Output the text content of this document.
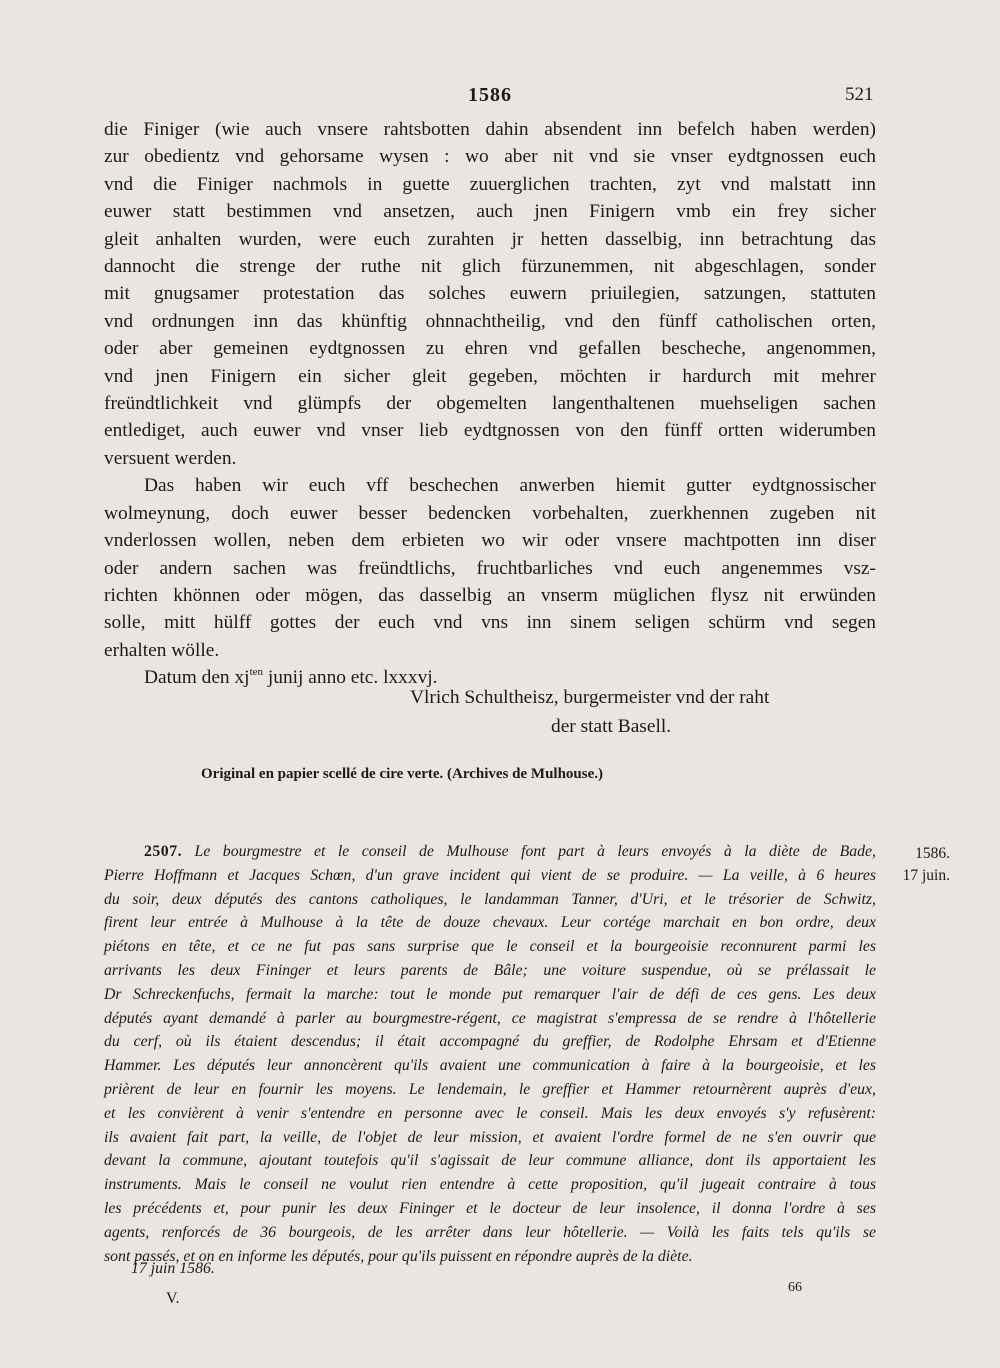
1586	521
die Finiger (wie auch vnsere rahtsbotten dahin absendent inn befelch haben werden)
zur obedientz vnd gehorsame wysen : wo aber nit vnd sie vnser eydtgnossen euch
vnd die Finiger nachmols in guette zuuerglichen trachten, zyt vnd malstatt inn
euwer statt bestimmen vnd ansetzen, auch jnen Finigern vmb ein frey sicher
gleit anhalten wurden, were euch zurahten jr hetten dasselbig, inn betrachtung das
dannocht die strenge der ruthe nit glich fürzunemmen, nit abgeschlagen, sonder
mit gnugsamer protestation das solches euwern priuilegien, satzungen, stattuten
vnd ordnungen inn das khünftig ohnnachtheilig, vnd den fünff catholischen orten,
oder aber gemeinen eydtgnossen zu ehren vnd gefallen bescheche, angenommen,
vnd jnen Finigern ein sicher gleit gegeben, möchten ir hardurch mit mehrer
freündtlichkeit vnd glümpfs der obgemelten langenthaltenen muehseligen sachen
entlediget, auch euwer vnd vnser lieb eydtgnossen von den fünff ortten widerumben
versuent werden.
Das haben wir euch vff beschechen anwerben hiemit gutter eydtgnossischer
wolmeynung, doch euwer besser bedencken vorbehalten, zuerkhennen zugeben nit
vnderlossen wollen, neben dem erbieten wo wir oder vnsere machtpotten inn diser
oder andern sachen was freündtlichs, fruchtbarliches vnd euch angenemmes vsz-
richten khönnen oder mögen, das dasselbig an vnserm müglichen flysz nit erwünden
solle, mitt hülff gottes der euch vnd vns inn sinem seligen schürm vnd segen
erhalten wölle.
Datum den $xj^{ten}$ junij anno etc. lxxxvj.
Vlrich Schultheisz, burgermeister vnd der raht
der statt Basell.
Original en papier scellé de cire verte. (Archives de Mulhouse.)
1586.
17 juin.
2507. Le bourgmestre et le conseil de Mulhouse font part à leurs envoyés à la diète de Bade,
Pierre Hoffmann et Jacques Schœn, d'un grave incident qui vient de se produire. — La veille, à 6 heures
du soir, deux députés des cantons catholiques, le landamman Tanner, d'Uri, et le trésorier de Schwitz,
firent leur entrée à Mulhouse à la tête de douze chevaux. Leur cortége marchait en bon ordre, deux
piétons en tête, et ce ne fut pas sans surprise que le conseil et la bourgeoisie reconnurent parmi les
arrivants les deux Fininger et leurs parents de Bâle; une voiture suspendue, où se prélassait le
Dr Schreckenfuchs, fermait la marche: tout le monde put remarquer l'air de défi de ces gens. Les deux
députés ayant demandé à parler au bourgmestre-régent, ce magistrat s'empressa de se rendre à l'hôtellerie
du cerf, où ils étaient descendus; il était accompagné du greffier, de Rodolphe Ehrsam et d'Etienne
Hammer. Les députés leur annoncèrent qu'ils avaient une communication à faire à la bourgeoisie, et les
prièrent de leur en fournir les moyens. Le lendemain, le greffier et Hammer retournèrent auprès d'eux,
et les convièrent à venir s'entendre en personne avec le conseil. Mais les deux envoyés s'y refusèrent:
ils avaient fait part, la veille, de l'objet de leur mission, et avaient l'ordre formel de ne s'en ouvrir que
devant la commune, ajoutant toutefois qu'il s'agissait de leur commune alliance, dont ils apportaient les
instruments. Mais le conseil ne voulut rien entendre à cette proposition, qu'il jugeait contraire à tous
les précédents et, pour punir les deux Fininger et le docteur de leur insolence, il donna l'ordre à ses
agents, renforcés de 36 bourgeois, de les arrêter dans leur hôtellerie. — Voilà les faits tels qu'ils se
sont passés, et on en informe les députés, pour qu'ils puissent en répondre auprès de la diète.
17 juin 1586.
V.
66
